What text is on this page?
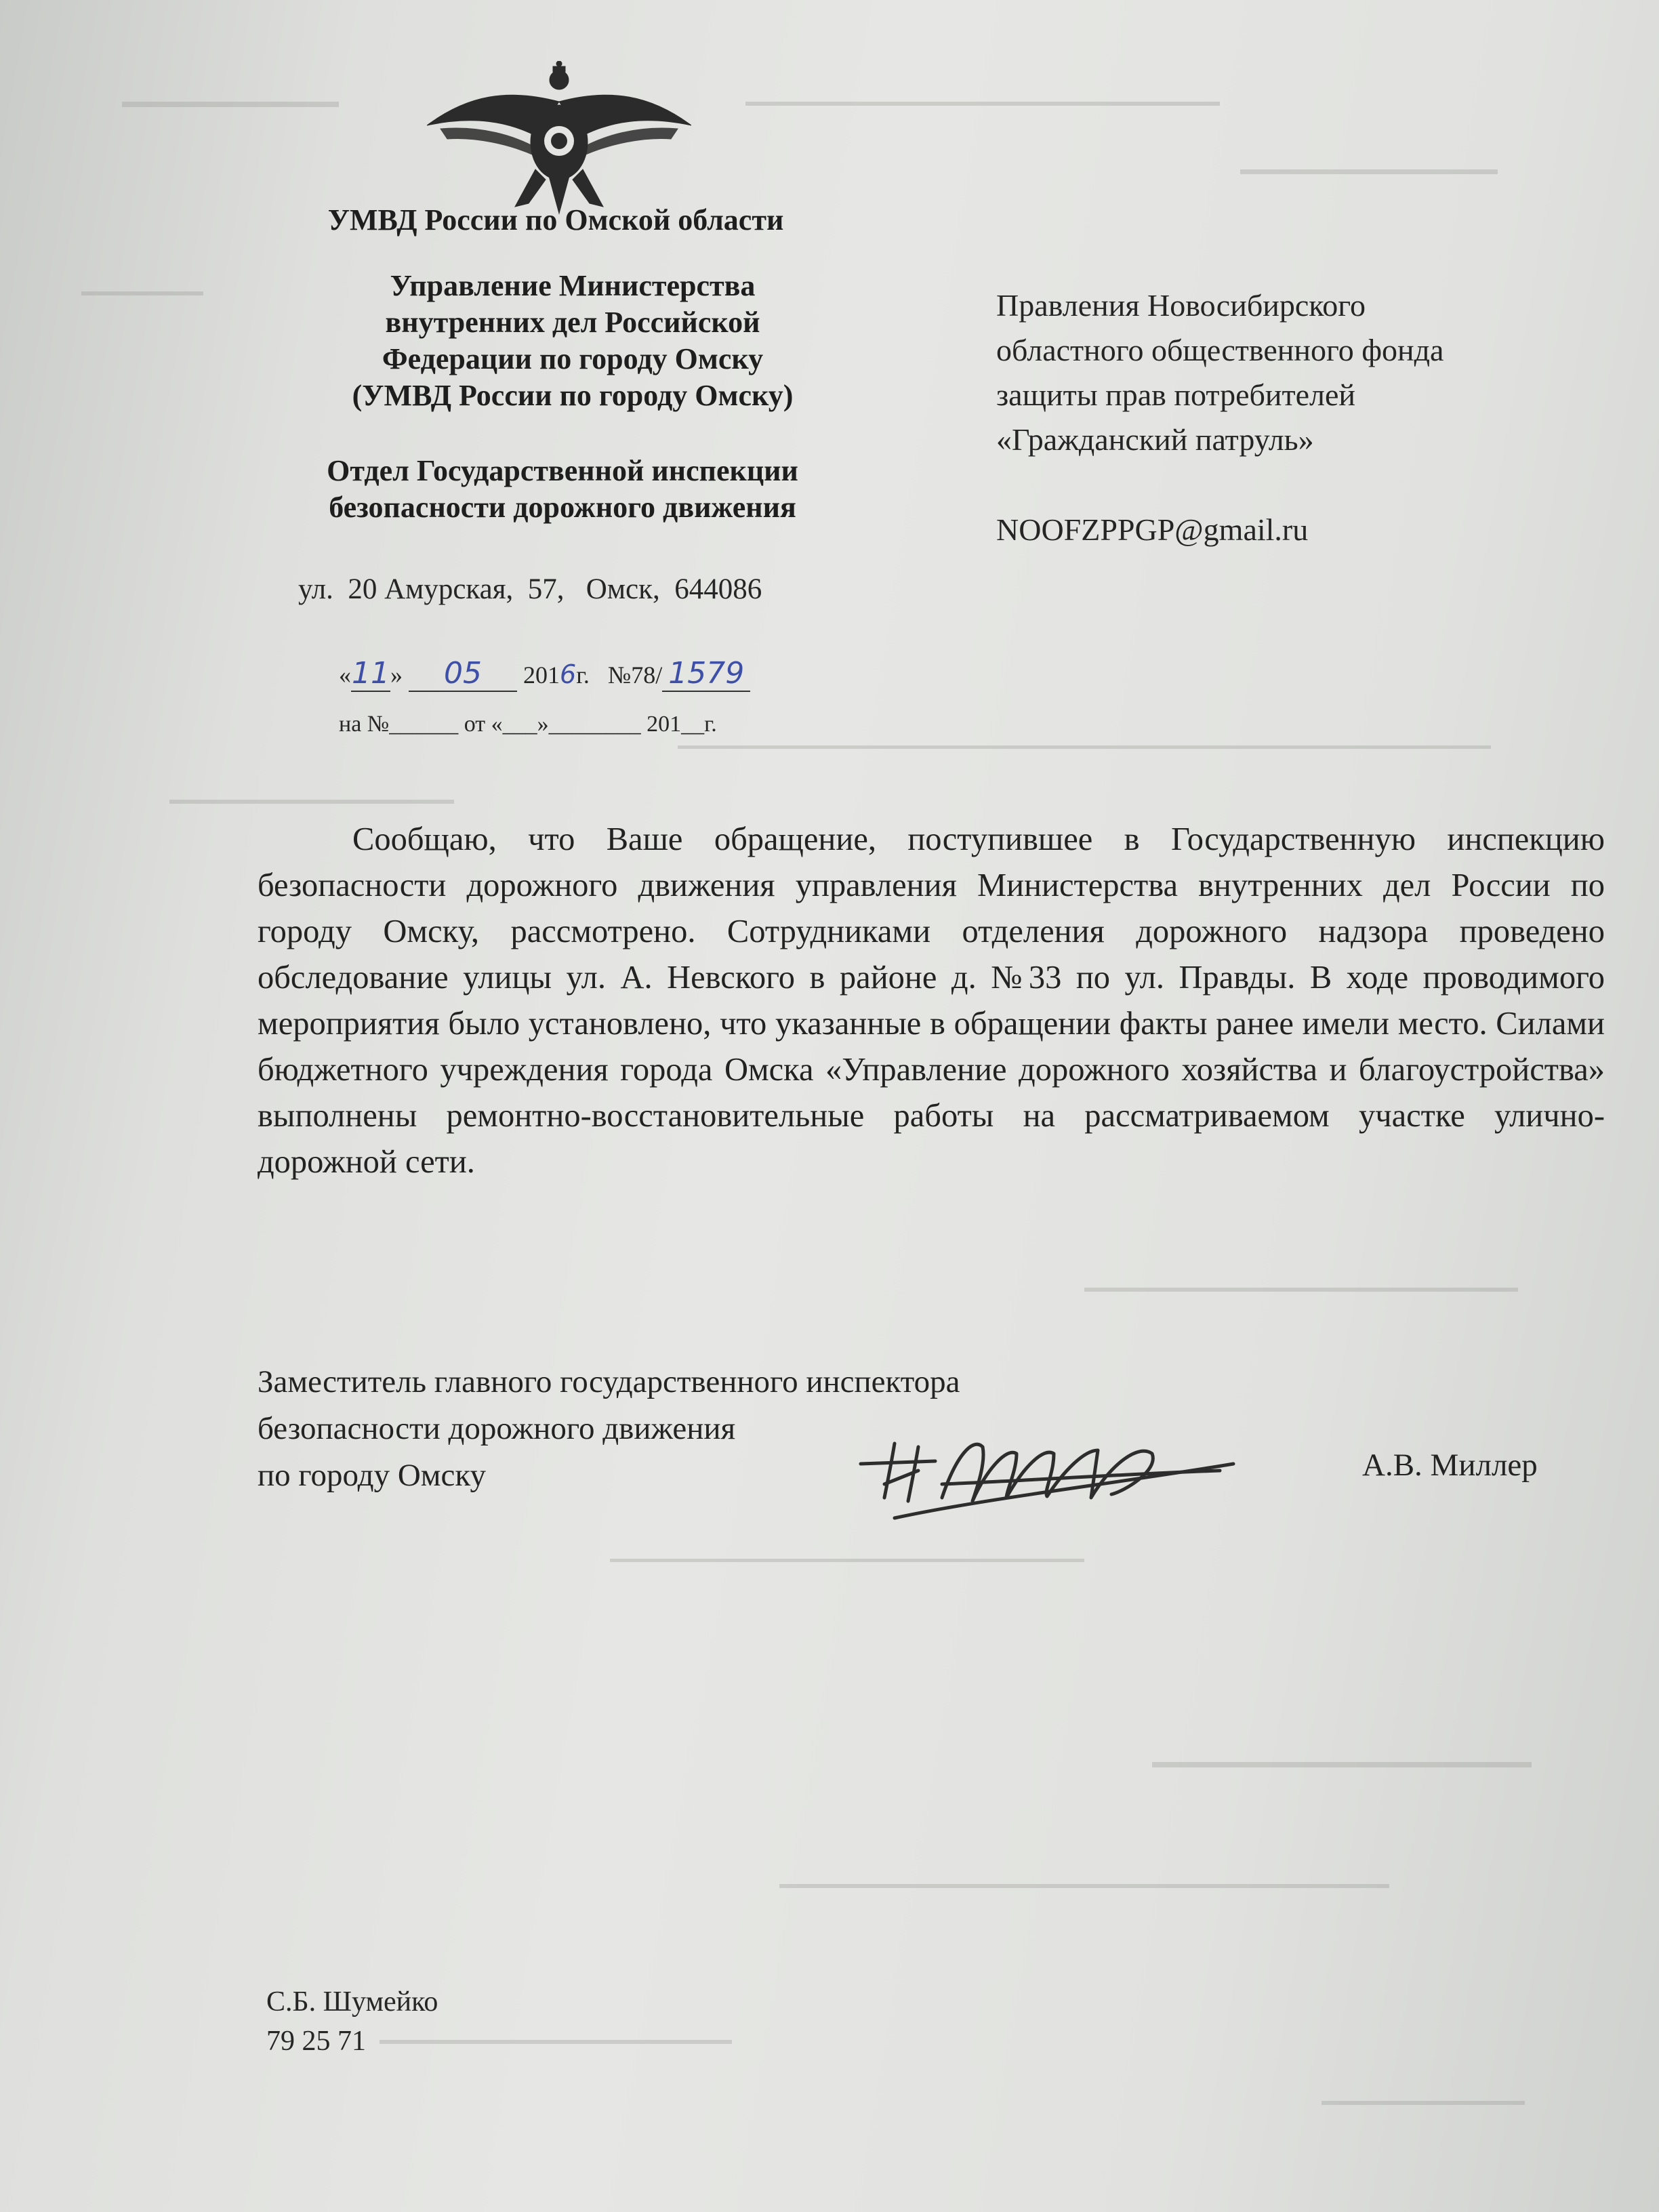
УМВД России по Омской области
Управление Министерства
внутренних дел Российской
Федерации по городу Омску
(УМВД России по городу Омску)
Отдел Государственной инспекции
безопасности дорожного движения
ул.  20 Амурская,  57,   Омск,  644086
«11» 05 2016г. №78/ 1579
на №______ от «___»________ 201__г.
Правления Новосибирского
областного общественного фонда
защиты прав потребителей
«Гражданский патруль»
NOOFZPPGP@gmail.ru

Сообщаю, что Ваше обращение, поступившее в Государственную инспекцию безопасности дорожного движения управления Министерства внутренних дел России по городу Омску, рассмотрено. Сотрудниками отделения дорожного надзора проведено обследование улицы ул. А. Невского в районе д. №33 по ул. Правды. В ходе проводимого мероприятия было установлено, что указанные в обращении факты ранее имели место. Силами бюджетного учреждения города Омска «Управление дорожного хозяйства и благоустройства» выполнены ремонтно-восстановительные работы на рассматриваемом участке улично-дорожной сети.

Заместитель главного государственного инспектора
безопасности дорожного движения
по городу Омску	А.В. Миллер
С.Б. Шумейко
79 25 71
